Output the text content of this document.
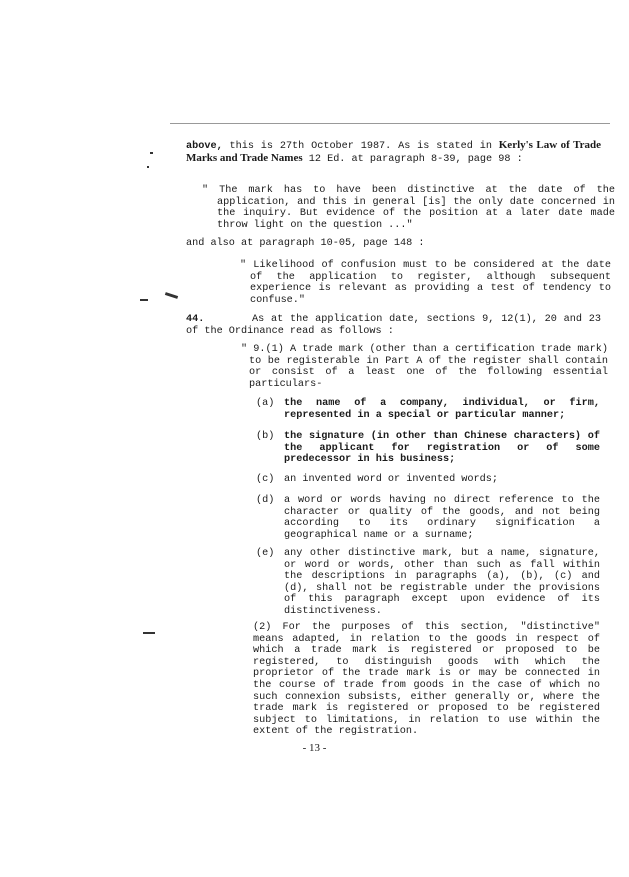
above, this is 27th October 1987. As is stated in Kerly's Law of Trade Marks and Trade Names 12 Ed. at paragraph 8-39, page 98 :

" The mark has to have been distinctive at the date of the application, and this in general [is] the only date concerned in the inquiry. But evidence of the position at a later date made throw light on the question ..."

and also at paragraph 10-05, page 148 :

" Likelihood of confusion must to be considered at the date of the application to register, although subsequent experience is relevant as providing a test of tendency to confuse."

44.	As at the application date, sections 9, 12(1), 20 and 23 of the Ordinance read as follows :

" 9.(1) A trade mark (other than a certification trade mark) to be registerable in Part A of the register shall contain or consist of a least one of the following essential particulars-

(a) the name of a company, individual, or firm, represented in a special or particular manner;

(b) the signature (in other than Chinese characters) of the applicant for registration or of some predecessor in his business;

(c) an invented word or invented words;

(d) a word or words having no direct reference to the character or quality of the goods, and not being according to its ordinary signification a geographical name or a surname;

(e) any other distinctive mark, but a name, signature, or word or words, other than such as fall within the descriptions in paragraphs (a), (b), (c) and (d), shall not be registrable under the provisions of this paragraph except upon evidence of its distinctiveness.

(2) For the purposes of this section, "distinctive" means adapted, in relation to the goods in respect of which a trade mark is registered or proposed to be registered, to distinguish goods with which the proprietor of the trade mark is or may be connected in the course of trade from goods in the case of which no such connexion subsists, either generally or, where the trade mark is registered or proposed to be registered subject to limitations, in relation to use within the extent of the registration.

- 13 -
